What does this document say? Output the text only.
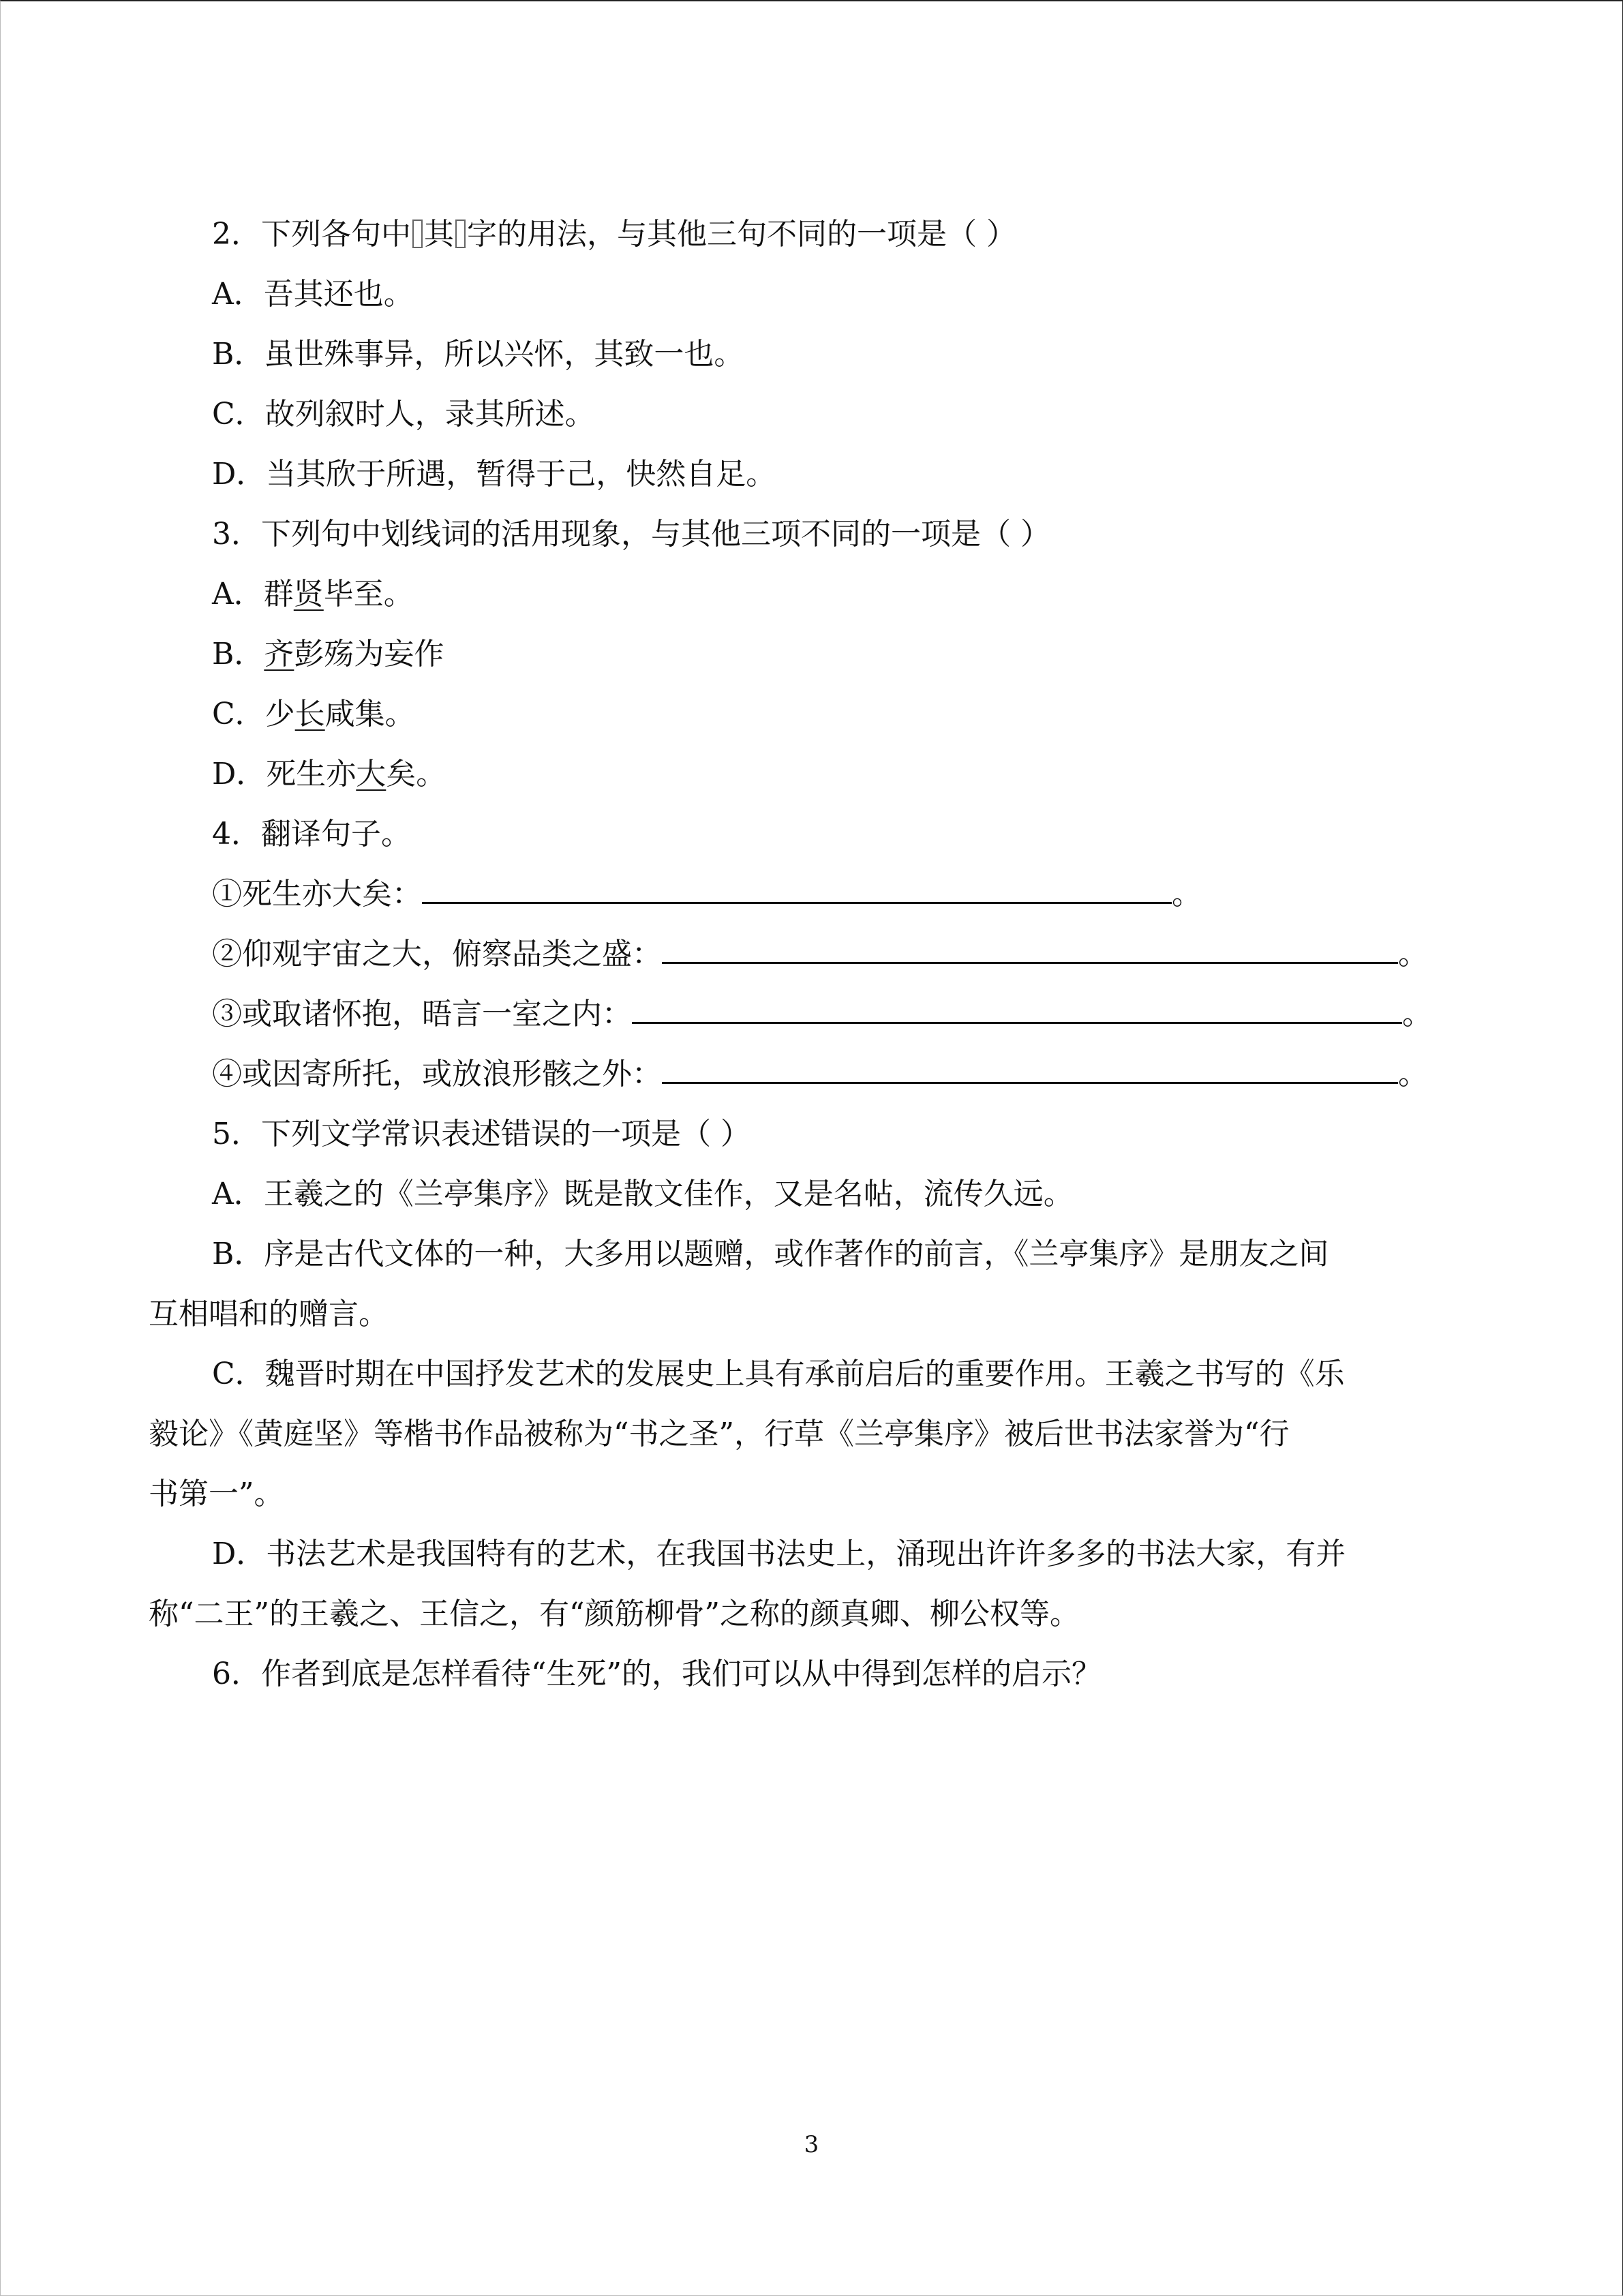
2．下列各句中 其 字的用法，与其他三句不同的一项是（ ）
A．吾其还也。
B．虽世殊事异，所以兴怀，其致一也。
C．故列叙时人，录其所述。
D．当其欣于所遇，暂得于己，快然自足。
3．下列句中划线词的活用现象，与其他三项不同的一项是（ ）
A．群贤毕至。
B．齐彭殇为妄作
C．少长咸集。
D．死生亦大矣。
4．翻译句子。
①死生亦大矣：	。
②仰观宇宙之大，俯察品类之盛：	。
③或取诸怀抱，晤言一室之内：	。
④或因寄所托，或放浪形骸之外：	。
5．下列文学常识表述错误的一项是（ ）
A．王羲之的《兰亭集序》既是散文佳作，又是名帖，流传久远。
B．序是古代文体的一种，大多用以题赠，或作著作的前言，《兰亭集序》是朋友之间
互相唱和的赠言。
C．魏晋时期在中国抒发艺术的发展史上具有承前启后的重要作用。王羲之书写的《乐
毅论》《黄庭坚》等楷书作品被称为“书之圣”，行草《兰亭集序》被后世书法家誉为“行
书第一”。
D．书法艺术是我国特有的艺术，在我国书法史上，涌现出许许多多的书法大家，有并
称“二王”的王羲之、王信之，有“颜筋柳骨”之称的颜真卿、柳公权等。
6．作者到底是怎样看待“生死”的，我们可以从中得到怎样的启示？
3
